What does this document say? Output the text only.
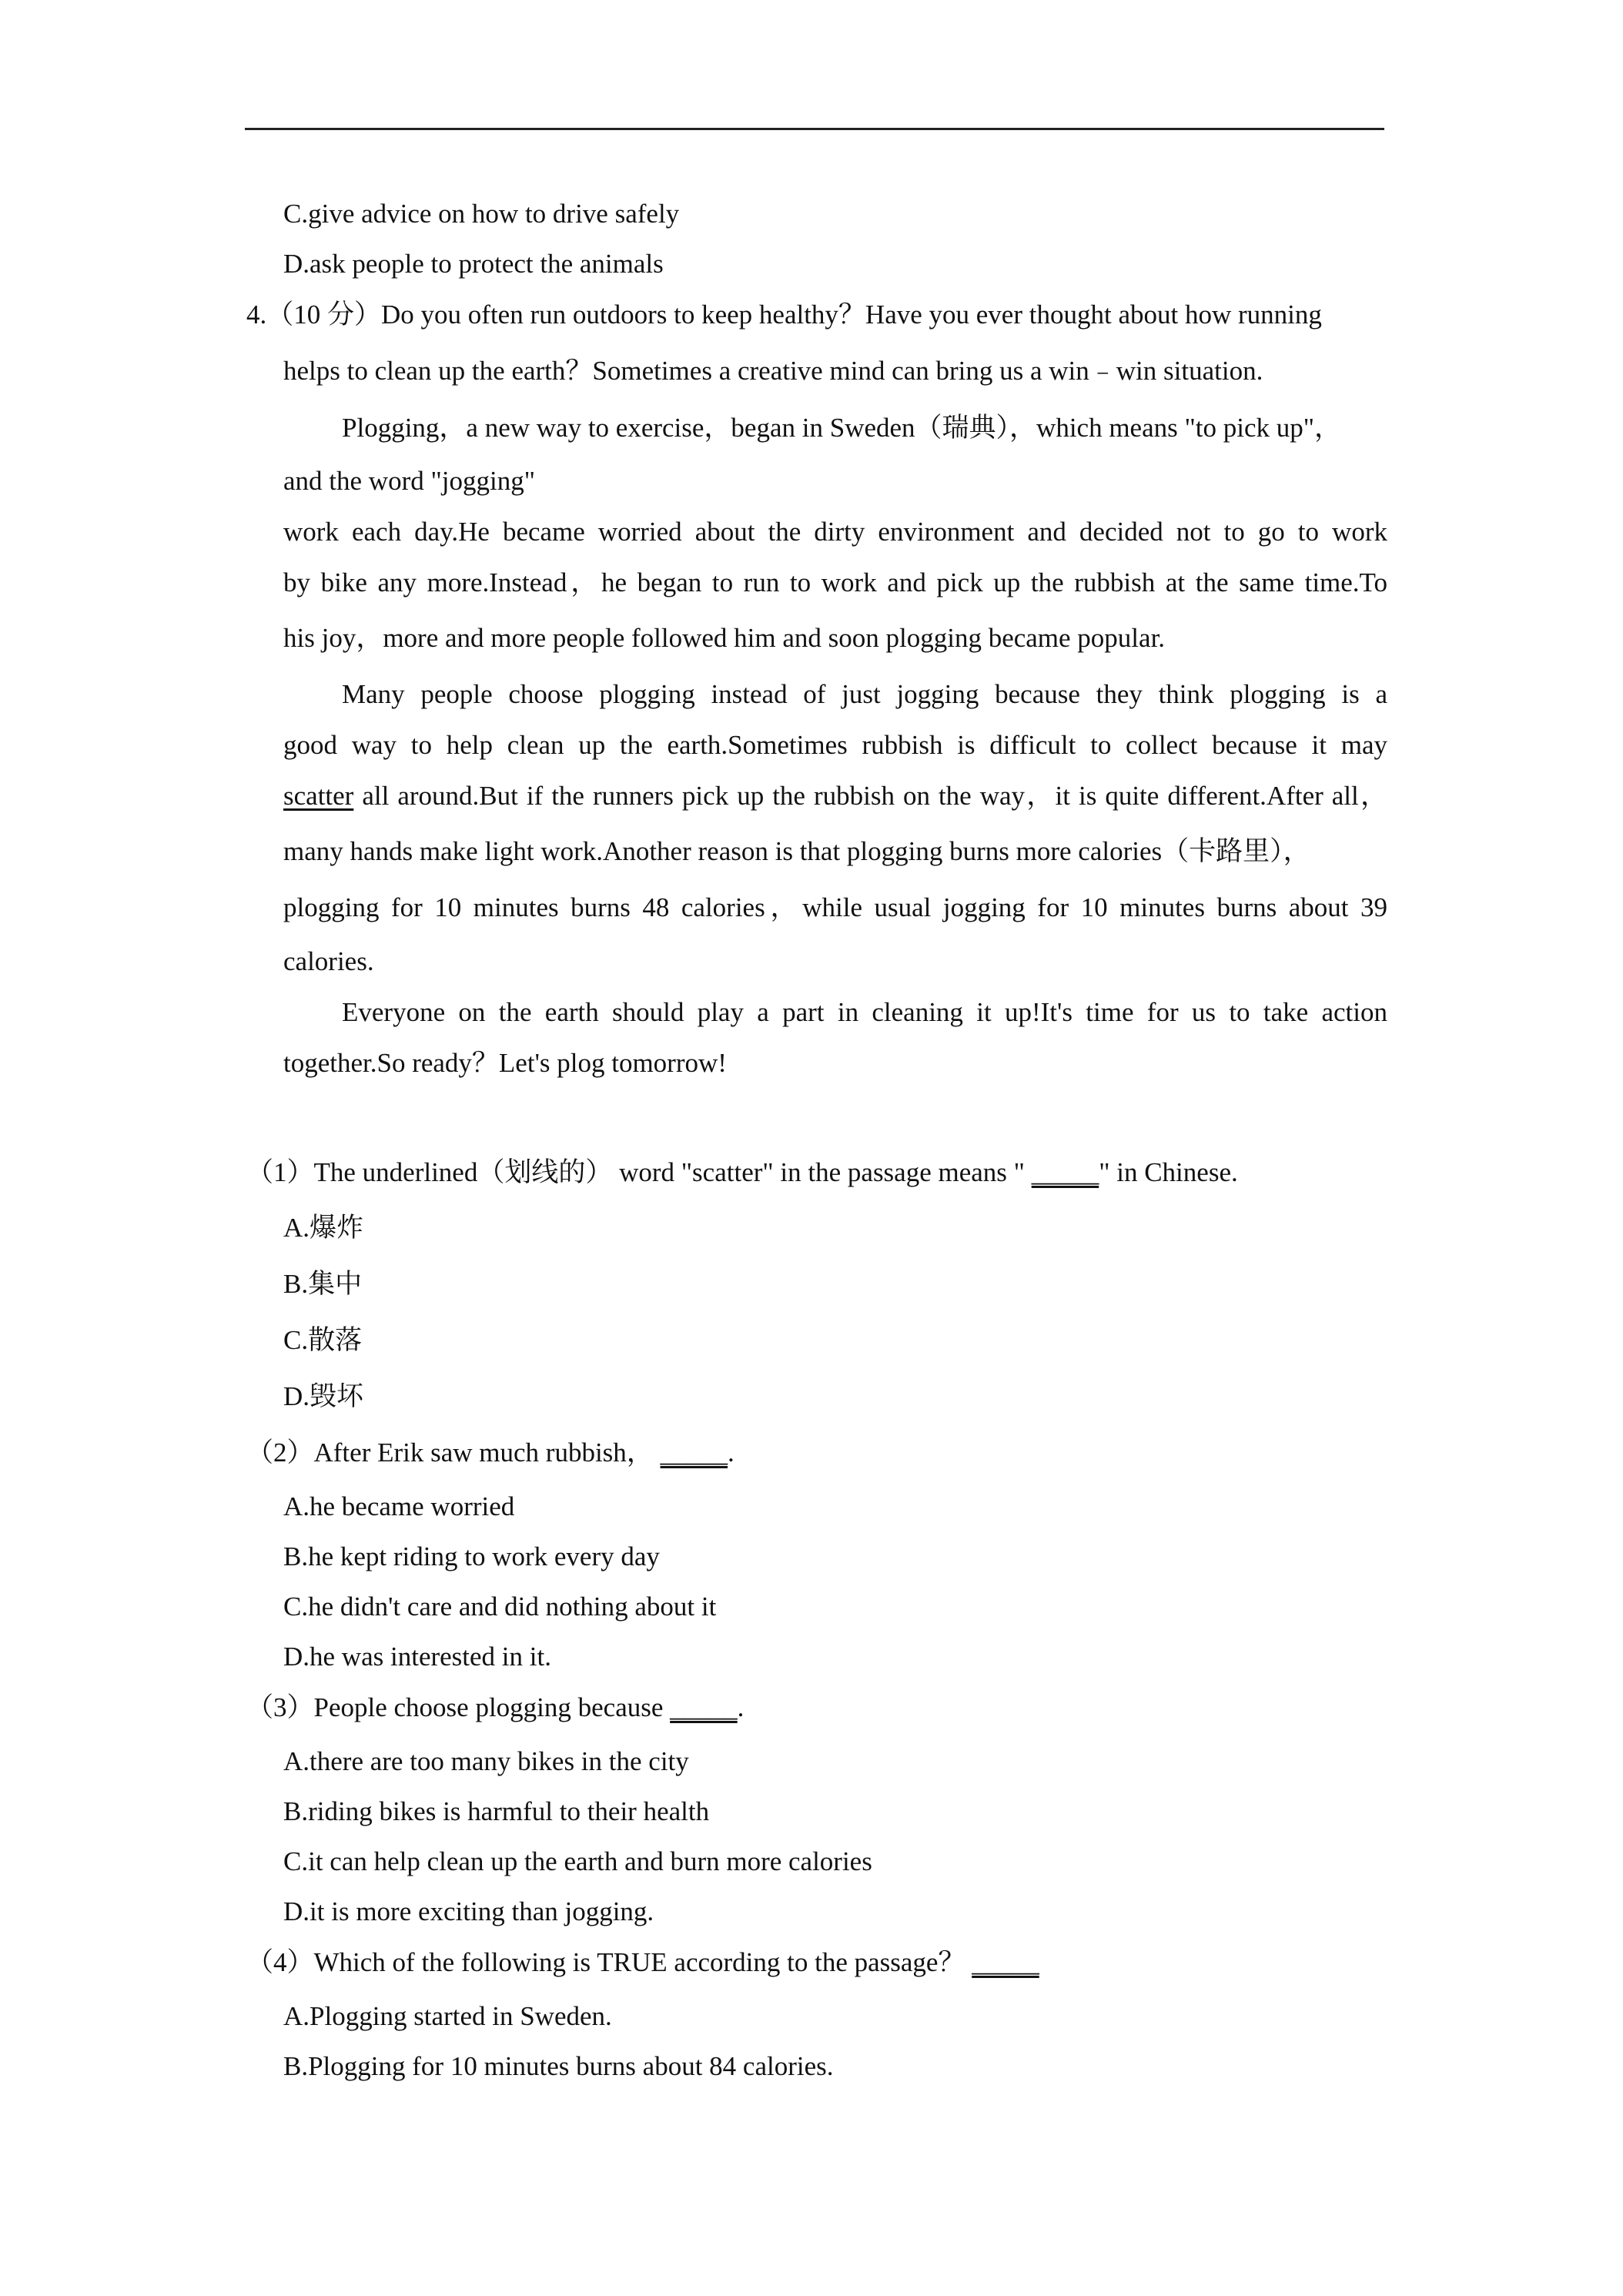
C.give advice on how to drive safely
D.ask people to protect the animals
4.（10 分）Do you often run outdoors to keep healthy？Have you ever thought about how running
helps to clean up the earth？Sometimes a creative mind can bring us a win﹣win situation.
Plogging，a new way to exercise，began in Sweden（瑞典），which means "to pick up"，
and the word "jogging"
work each day.He became worried about the dirty environment and decided not to go to work
by bike any more.Instead，he began to run to work and pick up the rubbish at the same time.To
his joy，more and more people followed him and soon plogging became popular.
Many people choose plogging instead of just jogging because they think plogging is a
good way to help clean up the earth.Sometimes rubbish is difficult to collect because it may
scatter all around.But if the runners pick up the rubbish on the way，it is quite different.After all，
many hands make light work.Another reason is that plogging burns more calories（卡路里），
plogging for 10 minutes burns 48 calories，while usual jogging for 10 minutes burns about 39
calories.
Everyone on the earth should play a part in cleaning it up!It's time for us to take action
together.So ready？Let's plog tomorrow!
（1）The underlined（划线的） word "scatter" in the passage means " _____" in Chinese.
A.爆炸
B.集中
C.散落
D.毁坏
（2）After Erik saw much rubbish， _____.
A.he became worried
B.he kept riding to work every day
C.he didn't care and did nothing about it
D.he was interested in it.
（3）People choose plogging because _____.
A.there are too many bikes in the city
B.riding bikes is harmful to their health
C.it can help clean up the earth and burn more calories
D.it is more exciting than jogging.
（4）Which of the following is TRUE according to the passage？ _____
A.Plogging started in Sweden.
B.Plogging for 10 minutes burns about 84 calories.
